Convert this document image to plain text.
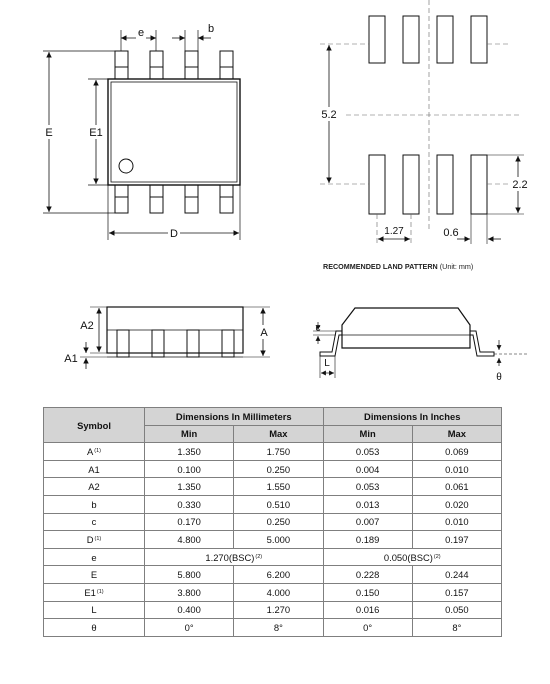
e	b
E	E1
D
5.2
2.2
1.27	0.6
A2
A1
A	c
L
θ
RECOMMENDED LAND PATTERN (Unit: mm)
Symbol	Dimensions In Millimeters		Dimensions In Inches	
	Min	Max	Min	Max
$A^{(1)}$	1.350	1.750	0.053	0.069
A1	0.100	0.250	0.004	0.010
A2	1.350	1.550	0.053	0.061
b	0.330	0.510	0.013	0.020
c	0.170	0.250	0.007	0.010
$D^{(1)}$	4.800	5.000	0.189	0.197
e	1.270(BSC)$^{(2)}$		0.050(BSC)$^{(2)}$
E	5.800	6.200	0.228	0.244
E1$^{(1)}$	3.800	4.000	0.150	0.157
L	0.400	1.270	0.016	0.050
θ	0°	8°	0°	8°
